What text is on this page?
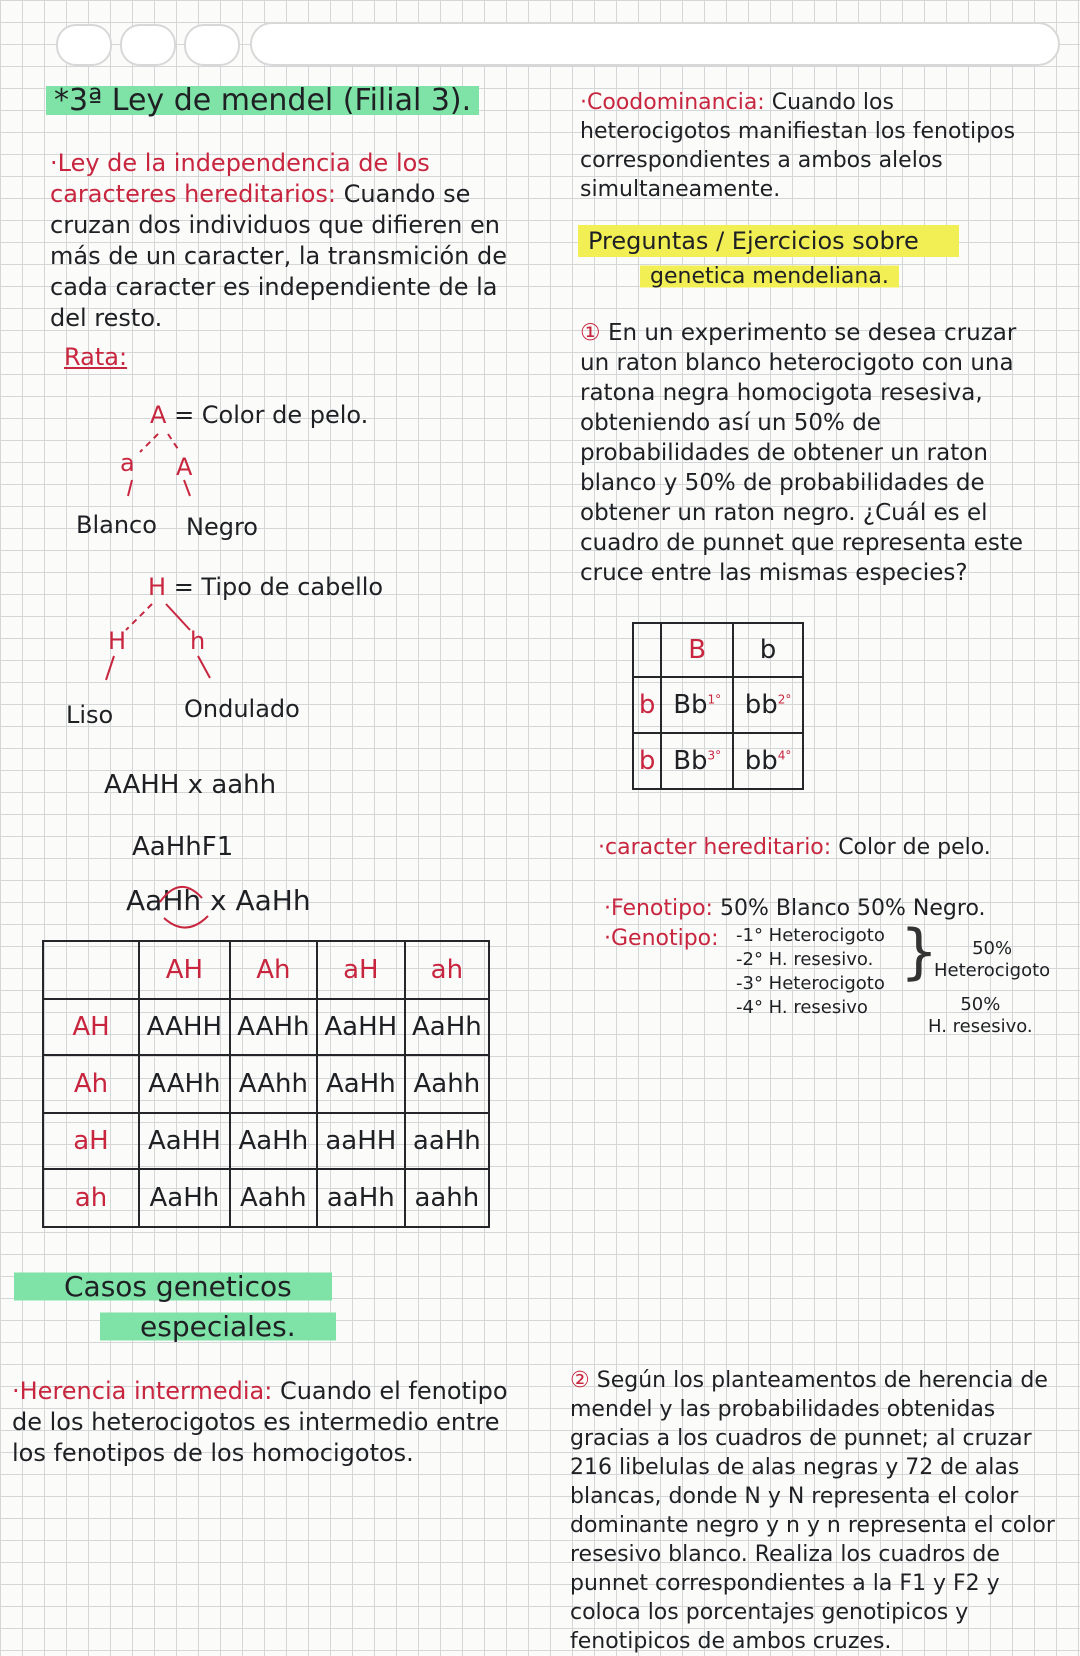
*3ª Ley de mendel (Filial 3).
·Ley de la independencia de los caracteres hereditarios: Cuando se cruzan dos individuos que difieren en más de un caracter, la transmición de cada caracter es independiente de la del resto.
Rata:
A = Color de pelo.
a A
Blanco Negro
H = Tipo de cabello
H	h
Liso	Ondulado
AAHH x aahh
AaHhF1
AaHh x AaHh
	AH	Ah	aH	ah
AH	AAHH	AAHh	AaHH	AaHh
Ah	AAHh	AAhh	AaHh	Aahh
aH	AaHH	AaHh	aaHH	aaHh
ah	AaHh	Aahh	aaHh	aahh
Casos geneticos
especiales.
·Herencia intermedia: Cuando el fenotipo de los heterocigotos es intermedio entre los fenotipos de los homocigotos.
·Coodominancia: Cuando los heterocigotos manifiestan los fenotipos correspondientes a ambos alelos simultaneamente.
Preguntas / Ejercicios sobre
genetica mendeliana.
① En un experimento se desea cruzar un raton blanco heterocigoto con una ratona negra homocigota resesiva, obteniendo así un 50% de probabilidades de obtener un raton blanco y 50% de probabilidades de obtener un raton negro. ¿Cuál es el cuadro de punnet que representa este cruce entre las mismas especies?
	B	b
b	$Bb^{1^\circ}$	$bb^{2^\circ}$
b	$Bb^{3^\circ}$	$bb^{4^\circ}$
·caracter hereditario: Color de pelo.
·Fenotipo: 50% Blanco 50% Negro.
·Genotipo: -1° Heterocigoto
-2° H. resesivo.
-3° Heterocigoto
-4° H. resesivo
}	50%
Heterocigoto
50%
H. resesivo.
② Según los planteamentos de herencia de mendel y las probabilidades obtenidas gracias a los cuadros de punnet; al cruzar 216 libelulas de alas negras y 72 de alas blancas, donde N y N representa el color dominante negro y n y n representa el color resesivo blanco. Realiza los cuadros de punnet correspondientes a la F1 y F2 y coloca los porcentajes genotipicos y fenotipicos de ambos cruzes.
